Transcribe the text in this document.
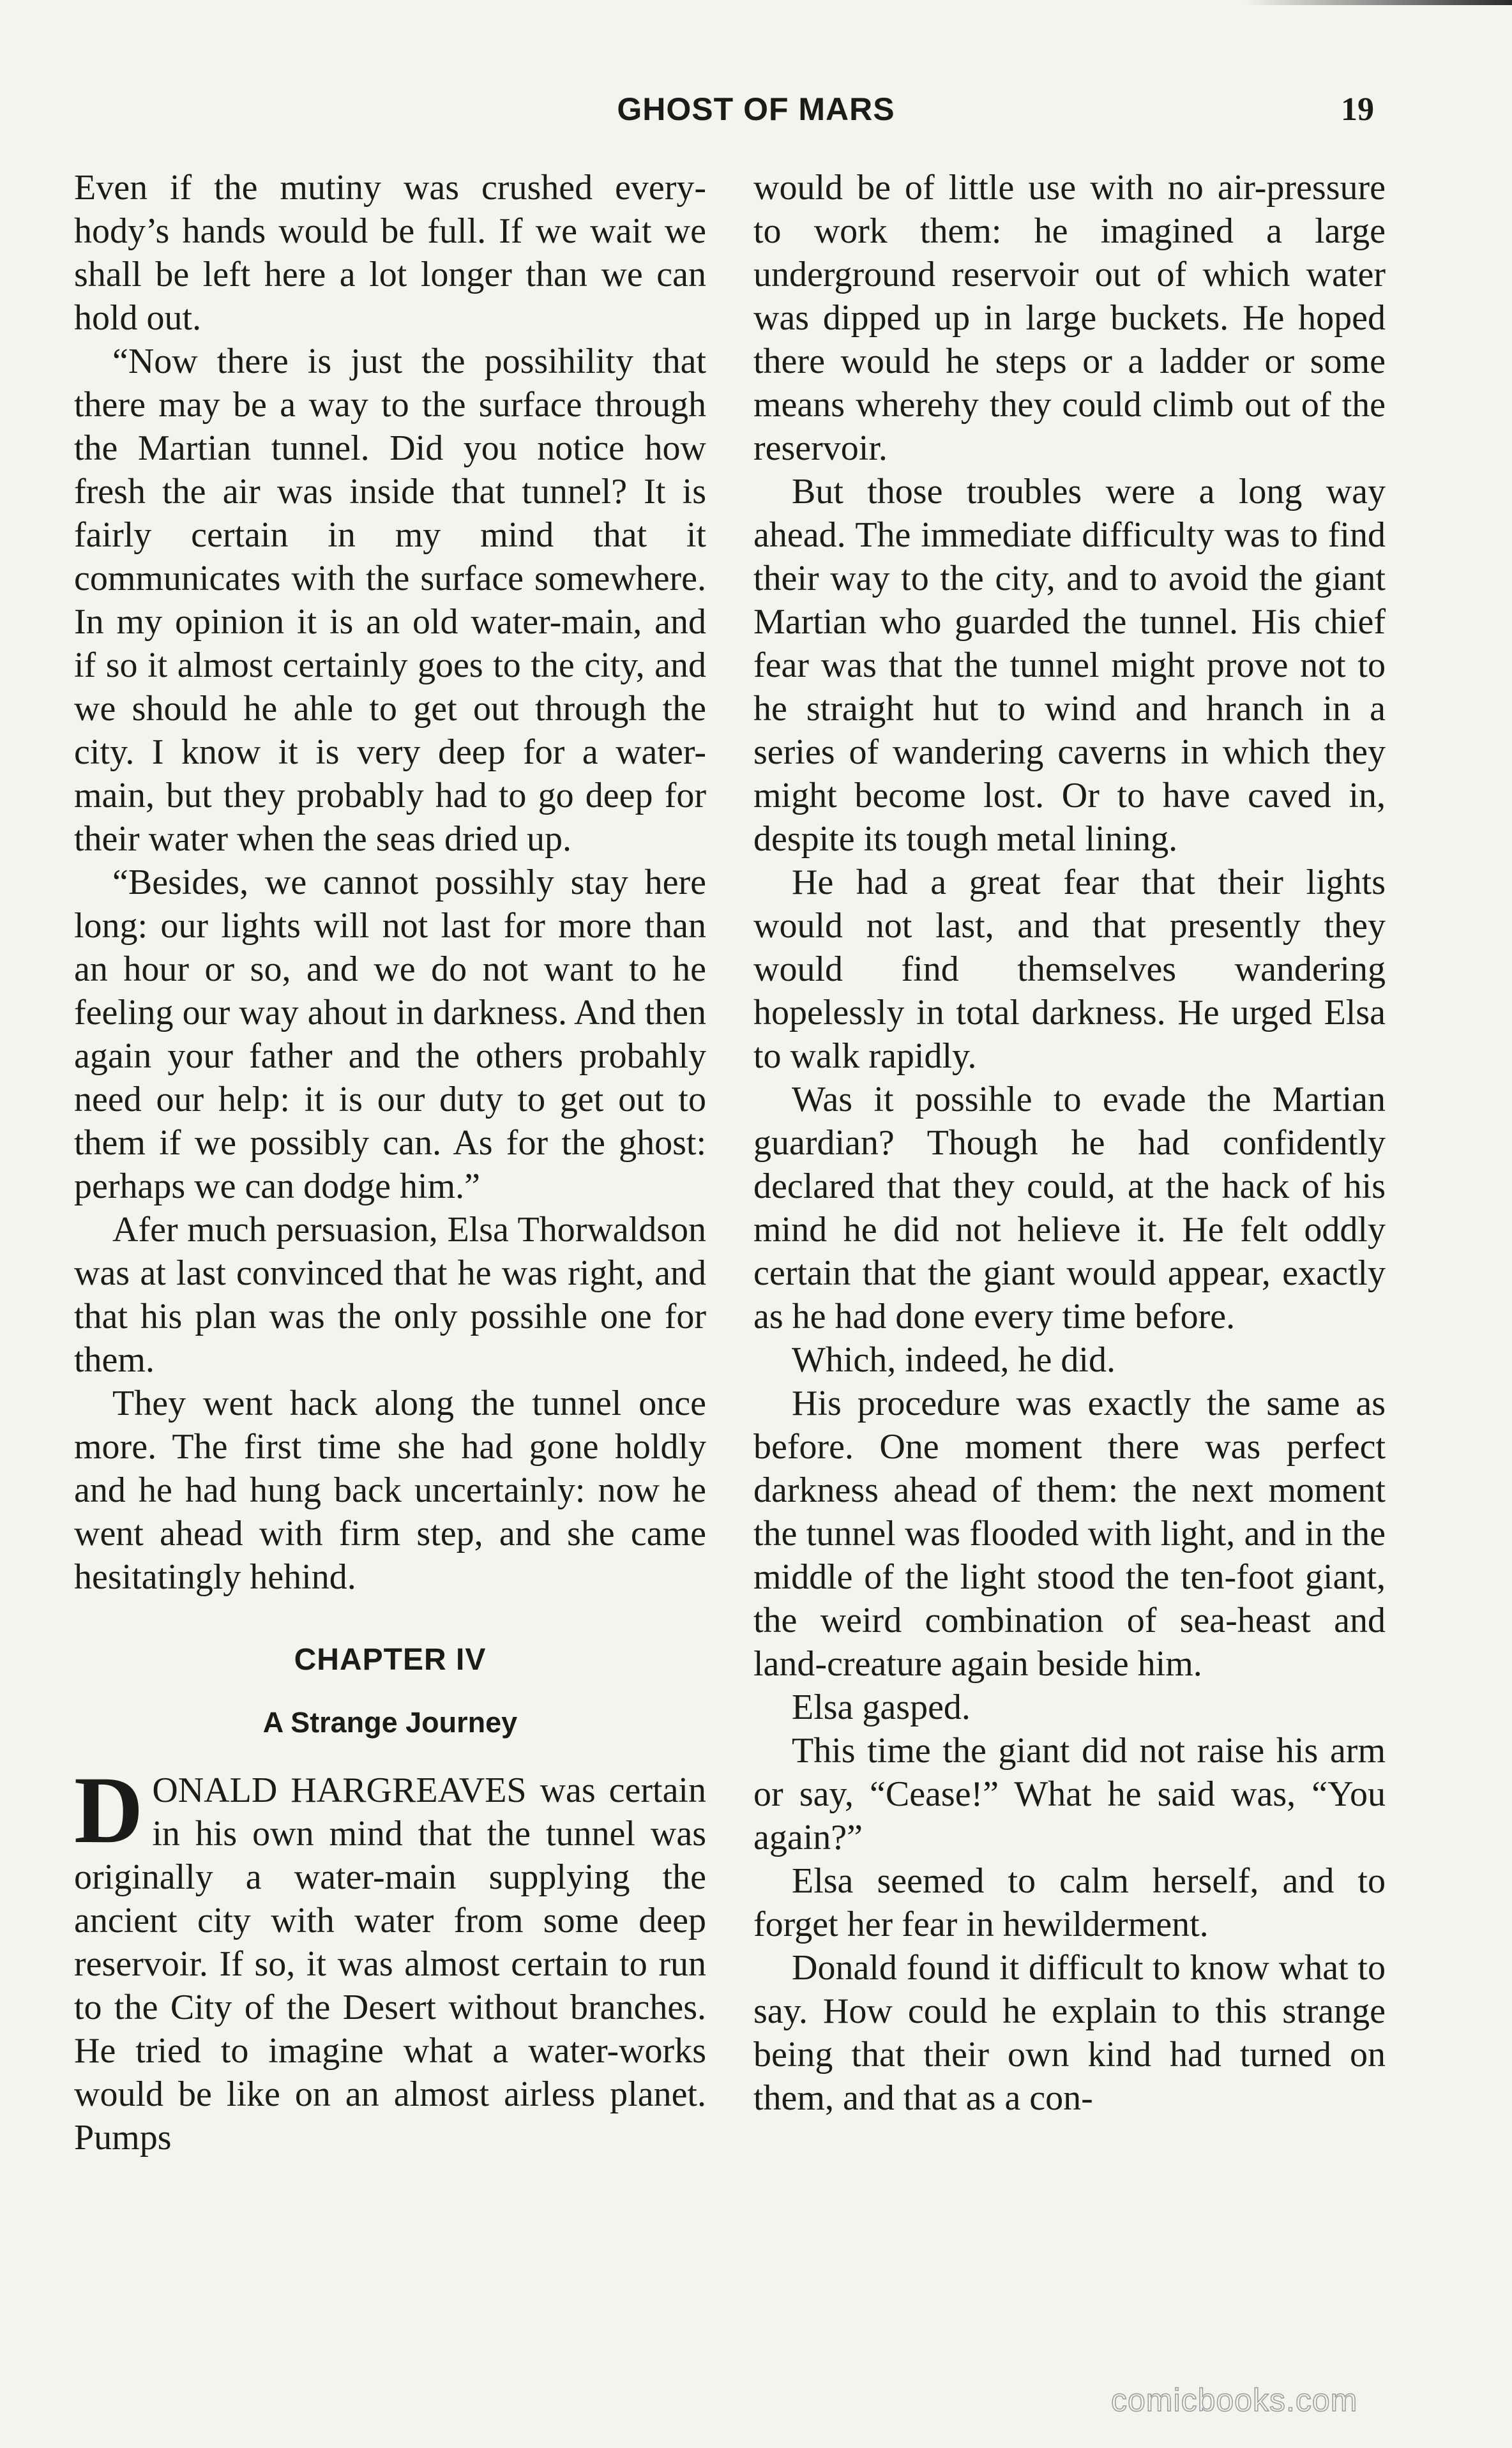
GHOST OF MARS	19

Even if the mutiny was crushed every-hody’s hands would be full. If we wait we shall be left here a lot longer than we can hold out.

“Now there is just the possihility that there may be a way to the surface through the Martian tunnel. Did you notice how fresh the air was inside that tunnel? It is fairly certain in my mind that it communicates with the surface somewhere. In my opinion it is an old water-main, and if so it almost certainly goes to the city, and we should he ahle to get out through the city. I know it is very deep for a water-main, but they probably had to go deep for their water when the seas dried up.

“Besides, we cannot possihly stay here long: our lights will not last for more than an hour or so, and we do not want to he feeling our way ahout in darkness. And then again your father and the others probahly need our help: it is our duty to get out to them if we possibly can. As for the ghost: perhaps we can dodge him.”

Afer much persuasion, Elsa Thorwaldson was at last convinced that he was right, and that his plan was the only possihle one for them.

They went hack along the tunnel once more. The first time she had gone holdly and he had hung back uncertainly: now he went ahead with firm step, and she came hesitatingly hehind.

CHAPTER IV
A Strange Journey

DONALD HARGREAVES was certain in his own mind that the tunnel was originally a water-main supplying the ancient city with water from some deep reservoir. If so, it was almost certain to run to the City of the Desert without branches. He tried to imagine what a water-works would be like on an almost airless planet. Pumps

would be of little use with no air-pressure to work them: he imagined a large underground reservoir out of which water was dipped up in large buckets. He hoped there would he steps or a ladder or some means wherehy they could climb out of the reservoir.

But those troubles were a long way ahead. The immediate difficulty was to find their way to the city, and to avoid the giant Martian who guarded the tunnel. His chief fear was that the tunnel might prove not to he straight hut to wind and hranch in a series of wandering caverns in which they might become lost. Or to have caved in, despite its tough metal lining.

He had a great fear that their lights would not last, and that presently they would find themselves wandering hopelessly in total darkness. He urged Elsa to walk rapidly.

Was it possihle to evade the Martian guardian? Though he had confidently declared that they could, at the hack of his mind he did not helieve it. He felt oddly certain that the giant would appear, exactly as he had done every time before.

Which, indeed, he did.

His procedure was exactly the same as before. One moment there was perfect darkness ahead of them: the next moment the tunnel was flooded with light, and in the middle of the light stood the ten-foot giant, the weird combination of sea-heast and land-creature again beside him.

Elsa gasped.

This time the giant did not raise his arm or say, “Cease!” What he said was, “You again?”

Elsa seemed to calm herself, and to forget her fear in hewilderment.

Donald found it difficult to know what to say. How could he explain to this strange being that their own kind had turned on them, and that as a con-

comicbooks.com
